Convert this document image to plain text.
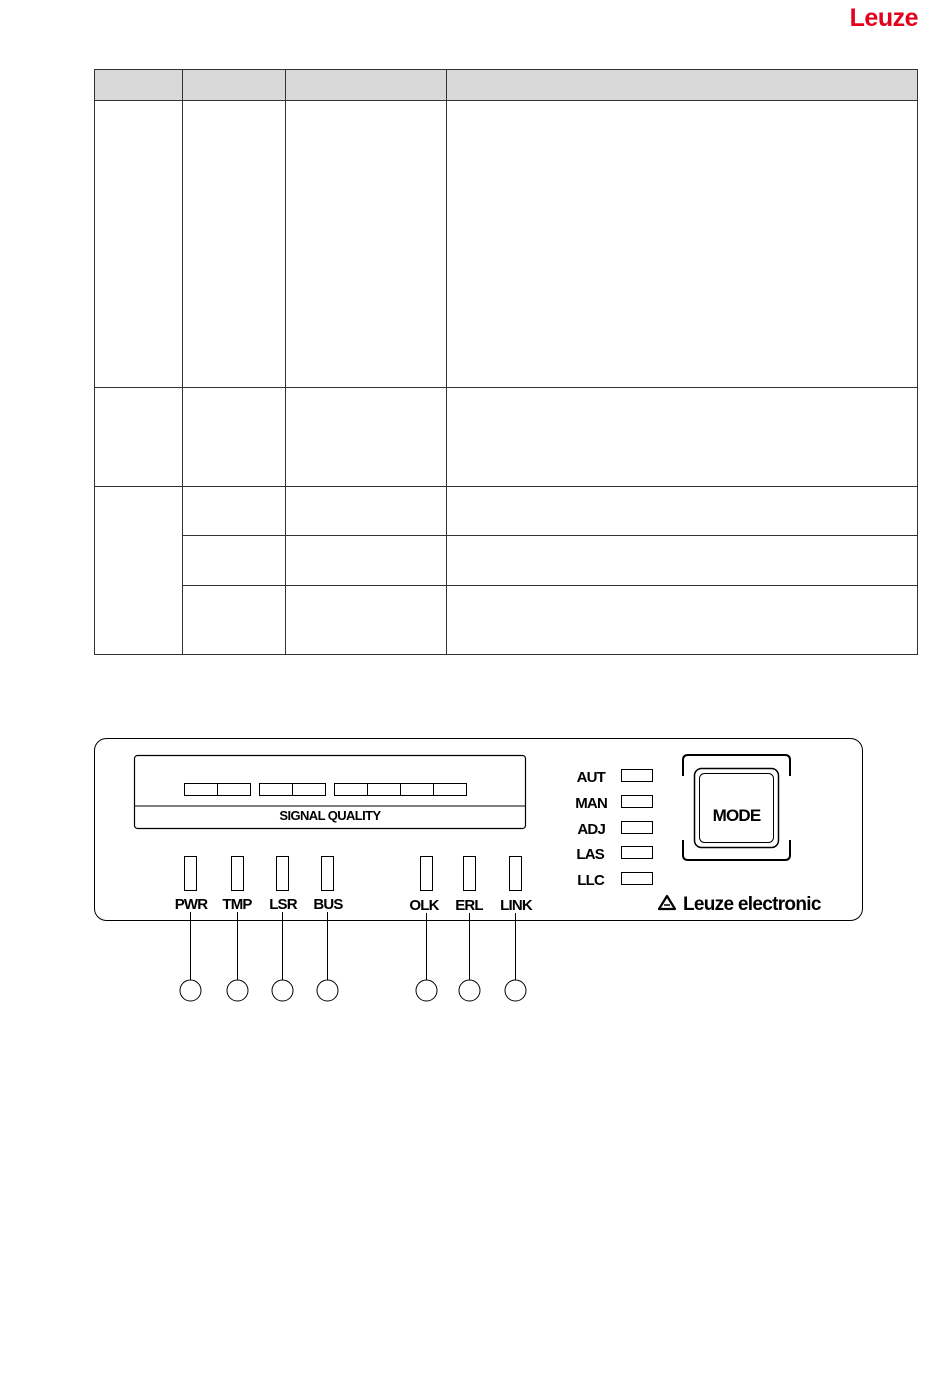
Leuze

SIGNAL QUALITY
PWR TMP LSR BUS	OLK ERL LINK
AUT
MAN
ADJ
LAS
LLC
MODE
Leuze electronic
